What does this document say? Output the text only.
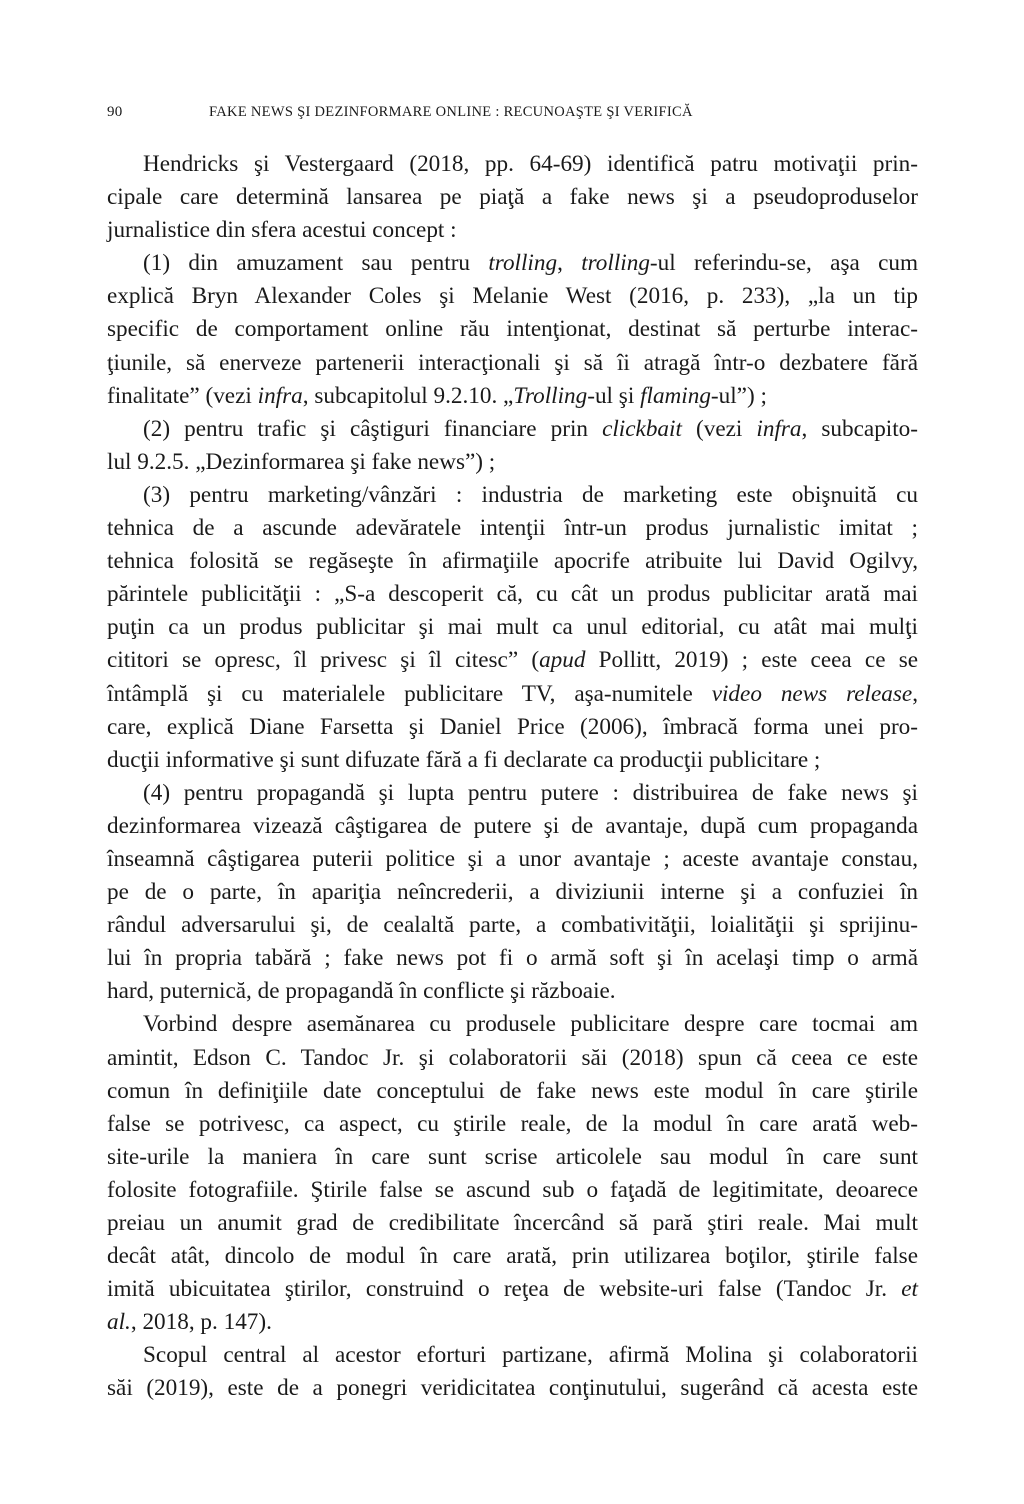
90	FAKE NEWS ŞI DEZINFORMARE ONLINE : RECUNOAŞTE ŞI VERIFICĂ
Hendricks şi Vestergaard (2018, pp. 64-69) identifică patru motivaţii prin-
cipale care determină lansarea pe piaţă a fake news şi a pseudoproduselor
jurnalistice din sfera acestui concept :
(1) din amuzament sau pentru trolling, trolling-ul referindu-se, aşa cum
explică Bryn Alexander Coles şi Melanie West (2016, p. 233), „la un tip
specific de comportament online rău intenţionat, destinat să perturbe interac-
ţiunile, să enerveze partenerii interacţionali şi să îi atragă într-o dezbatere fără
finalitate” (vezi infra, subcapitolul 9.2.10. „Trolling-ul şi flaming-ul”) ;
(2) pentru trafic şi câştiguri financiare prin clickbait (vezi infra, subcapito-
lul 9.2.5. „Dezinformarea şi fake news”) ;
(3) pentru marketing/vânzări : industria de marketing este obişnuită cu
tehnica de a ascunde adevăratele intenţii într-un produs jurnalistic imitat ;
tehnica folosită se regăseşte în afirmaţiile apocrife atribuite lui David Ogilvy,
părintele publicităţii : „S-a descoperit că, cu cât un produs publicitar arată mai
puţin ca un produs publicitar şi mai mult ca unul editorial, cu atât mai mulţi
cititori se opresc, îl privesc şi îl citesc” (apud Pollitt, 2019) ; este ceea ce se
întâmplă şi cu materialele publicitare TV, aşa-numitele video news release,
care, explică Diane Farsetta şi Daniel Price (2006), îmbracă forma unei pro-
ducţii informative şi sunt difuzate fără a fi declarate ca producţii publicitare ;
(4) pentru propagandă şi lupta pentru putere : distribuirea de fake news şi
dezinformarea vizează câştigarea de putere şi de avantaje, după cum propaganda
înseamnă câştigarea puterii politice şi a unor avantaje ; aceste avantaje constau,
pe de o parte, în apariţia neîncrederii, a diviziunii interne şi a confuziei în
rândul adversarului şi, de cealaltă parte, a combativităţii, loialităţii şi sprijinu-
lui în propria tabără ; fake news pot fi o armă soft şi în acelaşi timp o armă
hard, puternică, de propagandă în conflicte şi războaie.
Vorbind despre asemănarea cu produsele publicitare despre care tocmai am
amintit, Edson C. Tandoc Jr. şi colaboratorii săi (2018) spun că ceea ce este
comun în definiţiile date conceptului de fake news este modul în care ştirile
false se potrivesc, ca aspect, cu ştirile reale, de la modul în care arată web-
site-urile la maniera în care sunt scrise articolele sau modul în care sunt
folosite fotografiile. Ştirile false se ascund sub o faţadă de legitimitate, deoarece
preiau un anumit grad de credibilitate încercând să pară ştiri reale. Mai mult
decât atât, dincolo de modul în care arată, prin utilizarea boţilor, ştirile false
imită ubicuitatea ştirilor, construind o reţea de website-uri false (Tandoc Jr. et
al., 2018, p. 147).
Scopul central al acestor eforturi partizane, afirmă Molina şi colaboratorii
săi (2019), este de a ponegri veridicitatea conţinutului, sugerând că acesta este
